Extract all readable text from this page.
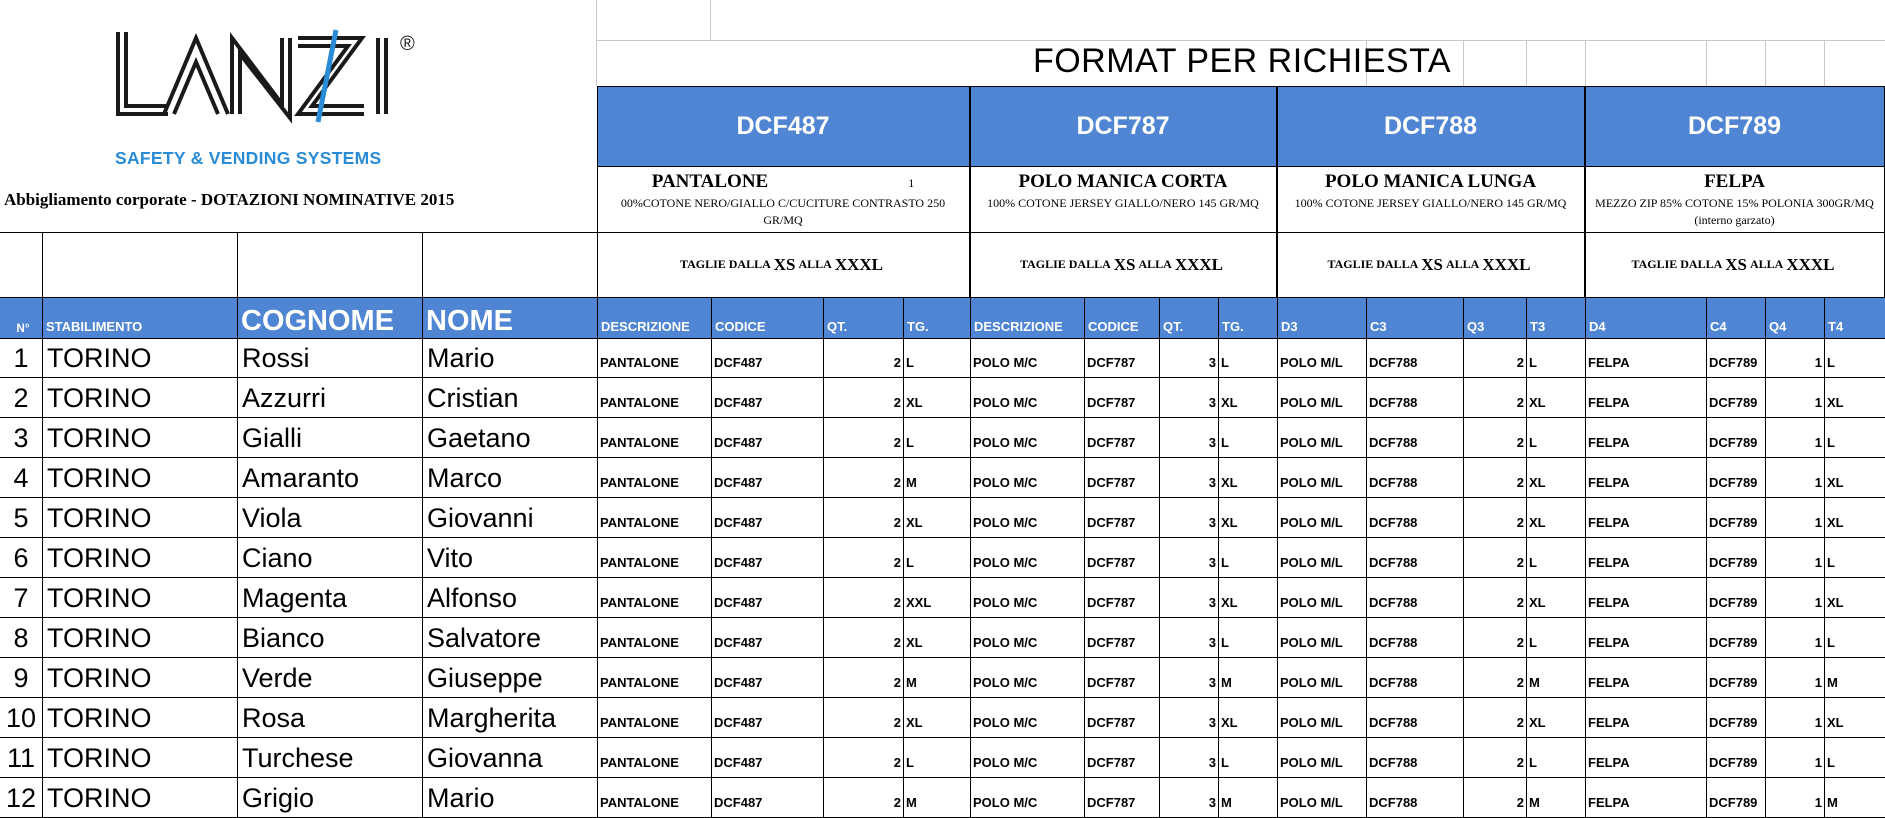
®
SAFETY & VENDING SYSTEMS
Abbigliamento corporate - DOTAZIONI NOMINATIVE 2015
FORMAT PER RICHIESTA
DCF487
PANTALONE	1
00%COTONE NERO/GIALLO C/CUCITURE CONTRASTO 250 GR/MQ
TAGLIE DALLA XS ALLA XXXL
DCF787
POLO MANICA CORTA
100% COTONE JERSEY GIALLO/NERO 145 GR/MQ
TAGLIE DALLA XS ALLA XXXL
DCF788
POLO MANICA LUNGA
100% COTONE JERSEY GIALLO/NERO 145 GR/MQ
TAGLIE DALLA XS ALLA XXXL
DCF789
FELPA
MEZZO ZIP 85% COTONE 15% POLONIA 300GR/MQ (interno garzato)
TAGLIE DALLA XS ALLA XXXL
N°	STABILIMENTO	COGNOME	NOME	DESCRIZIONE	CODICE	QT.	TG.	DESCRIZIONE	CODICE	QT.	TG.	D3	C3	Q3	T3	D4	C4	Q4	T4
1 TORINO	Rossi	Mario	PANTALONE	DCF487	2 L	POLO M/C	DCF787	3 L	POLO M/L	DCF788	2 L	FELPA	DCF789	1 L
2 TORINO	Azzurri	Cristian	PANTALONE	DCF487	2 XL	POLO M/C	DCF787	3 XL	POLO M/L	DCF788	2 XL	FELPA	DCF789	1 XL
3 TORINO	Gialli	Gaetano	PANTALONE	DCF487	2 L	POLO M/C	DCF787	3 L	POLO M/L	DCF788	2 L	FELPA	DCF789	1 L
4 TORINO	Amaranto	Marco	PANTALONE	DCF487	2 M	POLO M/C	DCF787	3 XL	POLO M/L	DCF788	2 XL	FELPA	DCF789	1 XL
5 TORINO	Viola	Giovanni	PANTALONE	DCF487	2 XL	POLO M/C	DCF787	3 XL	POLO M/L	DCF788	2 XL	FELPA	DCF789	1 XL
6 TORINO	Ciano	Vito	PANTALONE	DCF487	2 L	POLO M/C	DCF787	3 L	POLO M/L	DCF788	2 L	FELPA	DCF789	1 L
7 TORINO	Magenta	Alfonso	PANTALONE	DCF487	2 XXL	POLO M/C	DCF787	3 XL	POLO M/L	DCF788	2 XL	FELPA	DCF789	1 XL
8 TORINO	Bianco	Salvatore	PANTALONE	DCF487	2 XL	POLO M/C	DCF787	3 L	POLO M/L	DCF788	2 L	FELPA	DCF789	1 L
9 TORINO	Verde	Giuseppe	PANTALONE	DCF487	2 M	POLO M/C	DCF787	3 M	POLO M/L	DCF788	2 M	FELPA	DCF789	1 M
10 TORINO	Rosa	Margherita	PANTALONE	DCF487	2 XL	POLO M/C	DCF787	3 XL	POLO M/L	DCF788	2 XL	FELPA	DCF789	1 XL
11 TORINO	Turchese	Giovanna	PANTALONE	DCF487	2 L	POLO M/C	DCF787	3 L	POLO M/L	DCF788	2 L	FELPA	DCF789	1 L
12 TORINO	Grigio	Mario	PANTALONE	DCF487	2 M	POLO M/C	DCF787	3 M	POLO M/L	DCF788	2 M	FELPA	DCF789	1 M
